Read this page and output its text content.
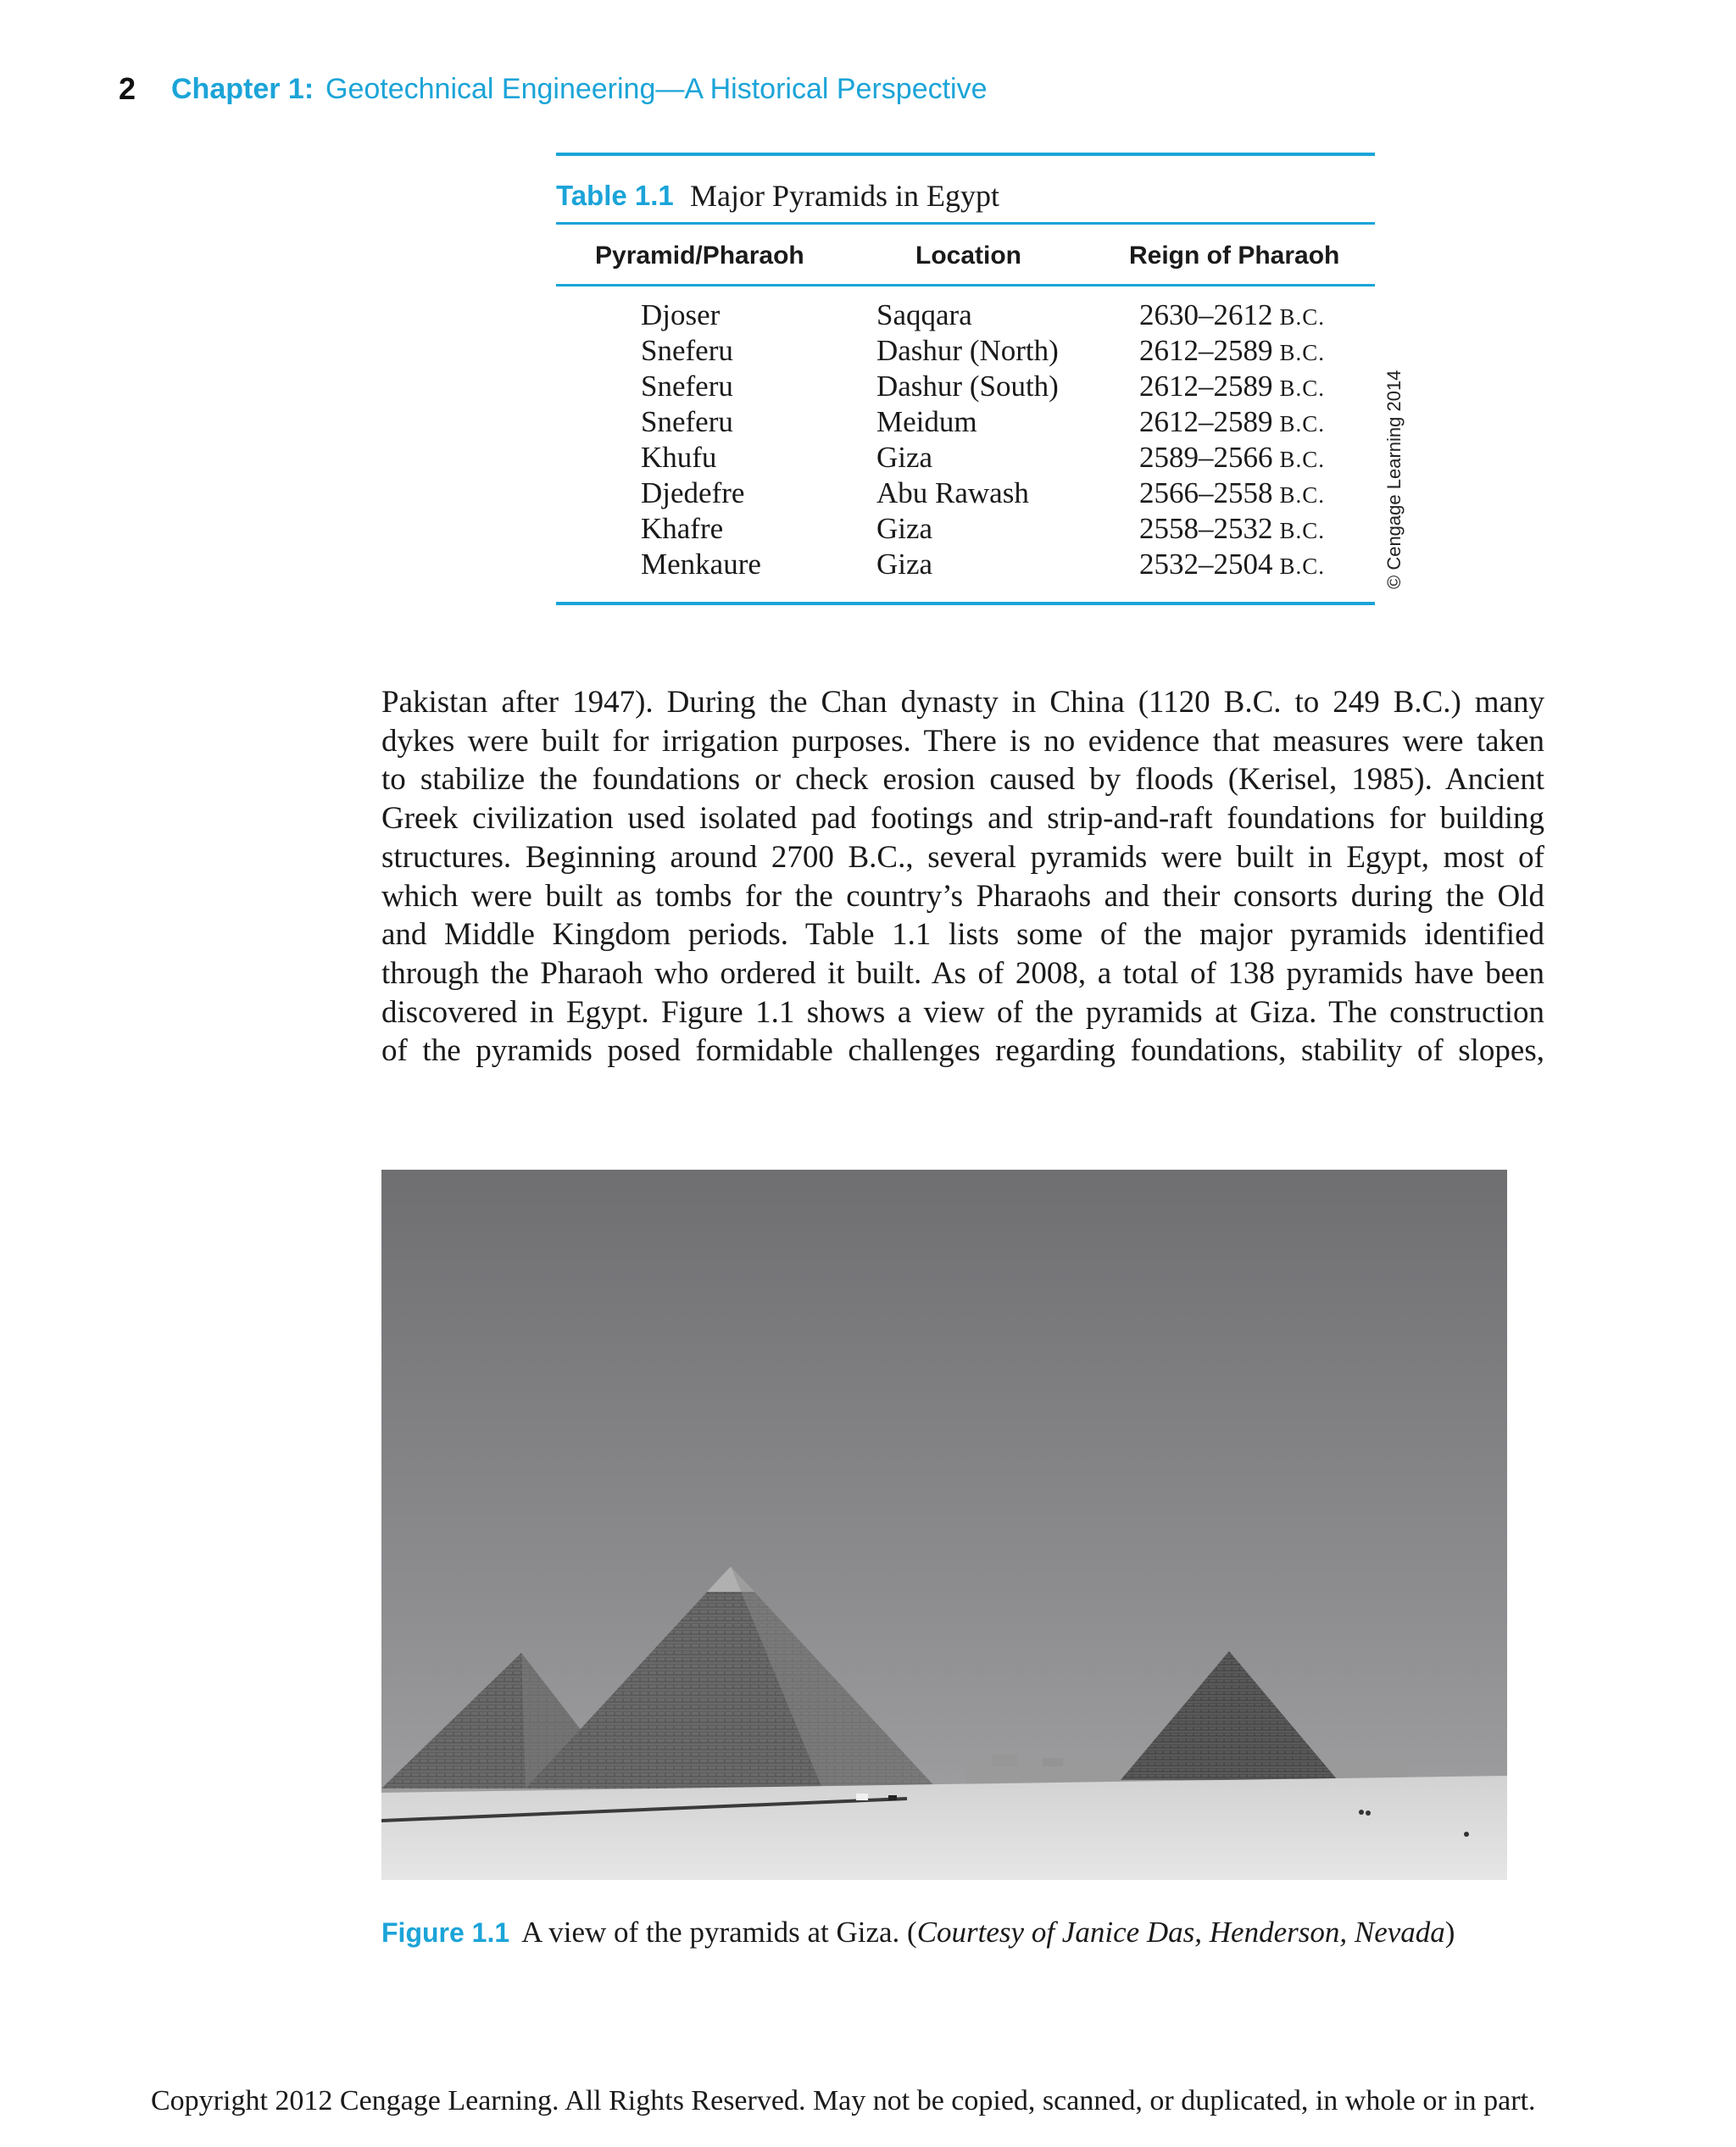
2 Chapter 1: Geotechnical Engineering—A Historical Perspective
Table 1.1 Major Pyramids in Egypt
Pyramid/Pharaoh	Location	Reign of Pharaoh
Djoser	Saqqara	2630–2612 B.C.
Sneferu	Dashur (North)	2612–2589 B.C.
Sneferu	Dashur (South)	2612–2589 B.C.
Sneferu	Meidum	2612–2589 B.C.
Khufu	Giza	2589–2566 B.C.
Djedefre	Abu Rawash	2566–2558 B.C.
Khafre	Giza	2558–2532 B.C.
Menkaure	Giza	2532–2504 B.C.	© Cengage Learning 2014
Pakistan after 1947). During the Chan dynasty in China (1120 B.C. to 249 B.C.) many
dykes were built for irrigation purposes. There is no evidence that measures were taken
to stabilize the foundations or check erosion caused by floods (Kerisel, 1985). Ancient
Greek civilization used isolated pad footings and strip-and-raft foundations for building
structures. Beginning around 2700 B.C., several pyramids were built in Egypt, most of
which were built as tombs for the country’s Pharaohs and their consorts during the Old
and Middle Kingdom periods. Table 1.1 lists some of the major pyramids identified
through the Pharaoh who ordered it built. As of 2008, a total of 138 pyramids have been
discovered in Egypt. Figure 1.1 shows a view of the pyramids at Giza. The construction
of the pyramids posed formidable challenges regarding foundations, stability of slopes,
Figure 1.1 A view of the pyramids at Giza. (Courtesy of Janice Das, Henderson, Nevada)
Copyright 2012 Cengage Learning. All Rights Reserved. May not be copied, scanned, or duplicated, in whole or in part.
